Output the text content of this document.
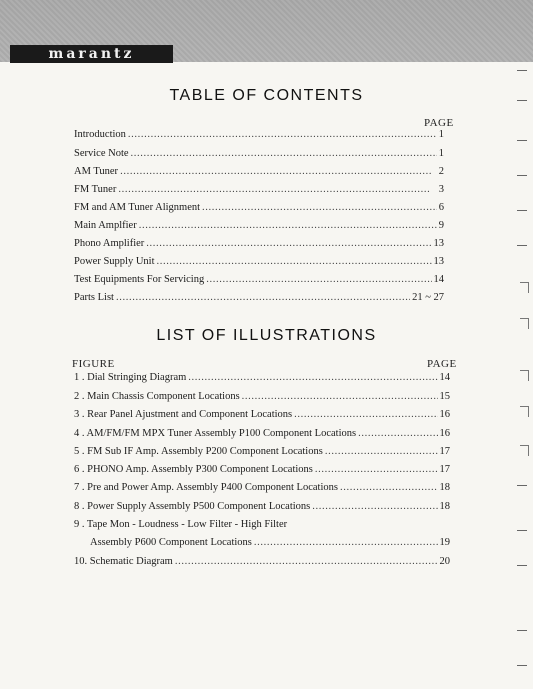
marantz
TABLE OF CONTENTS
PAGE
Introduction . . .	1
Service Note . . .	1
AM Tuner . . .	2
FM Tuner . . .	3
FM and AM Tuner Alignment . . .	6
Main Amplfier . . .	9
Phono Amplifier . . .	13
Power Supply Unit . . .	13
Test Equipments For Servicing . . .	14
Parts List . . .	21 ~ 27
LIST OF ILLUSTRATIONS
FIGURE	PAGE
1 . Dial Stringing Diagram . . .	14
2 . Main Chassis Component Locations . . .	15
3 . Rear Panel Ajustment and Component Locations . . .	16
4 . AM/FM/FM MPX Tuner Assembly P100 Component Locations . . .	16
5 . FM Sub IF Amp. Assembly P200 Component Locations . . .	17
6 . PHONO Amp. Assembly P300 Component Locations . . .	17
7 . Pre and Power Amp. Assembly P400 Component Locations . . .	18
8 . Power Supply Assembly P500 Component Locations . . .	18
9 . Tape Mon - Loudness - Low Filter - High Filter
Assembly P600 Component Locations . . .	19
10. Schematic Diagram . . .	20
